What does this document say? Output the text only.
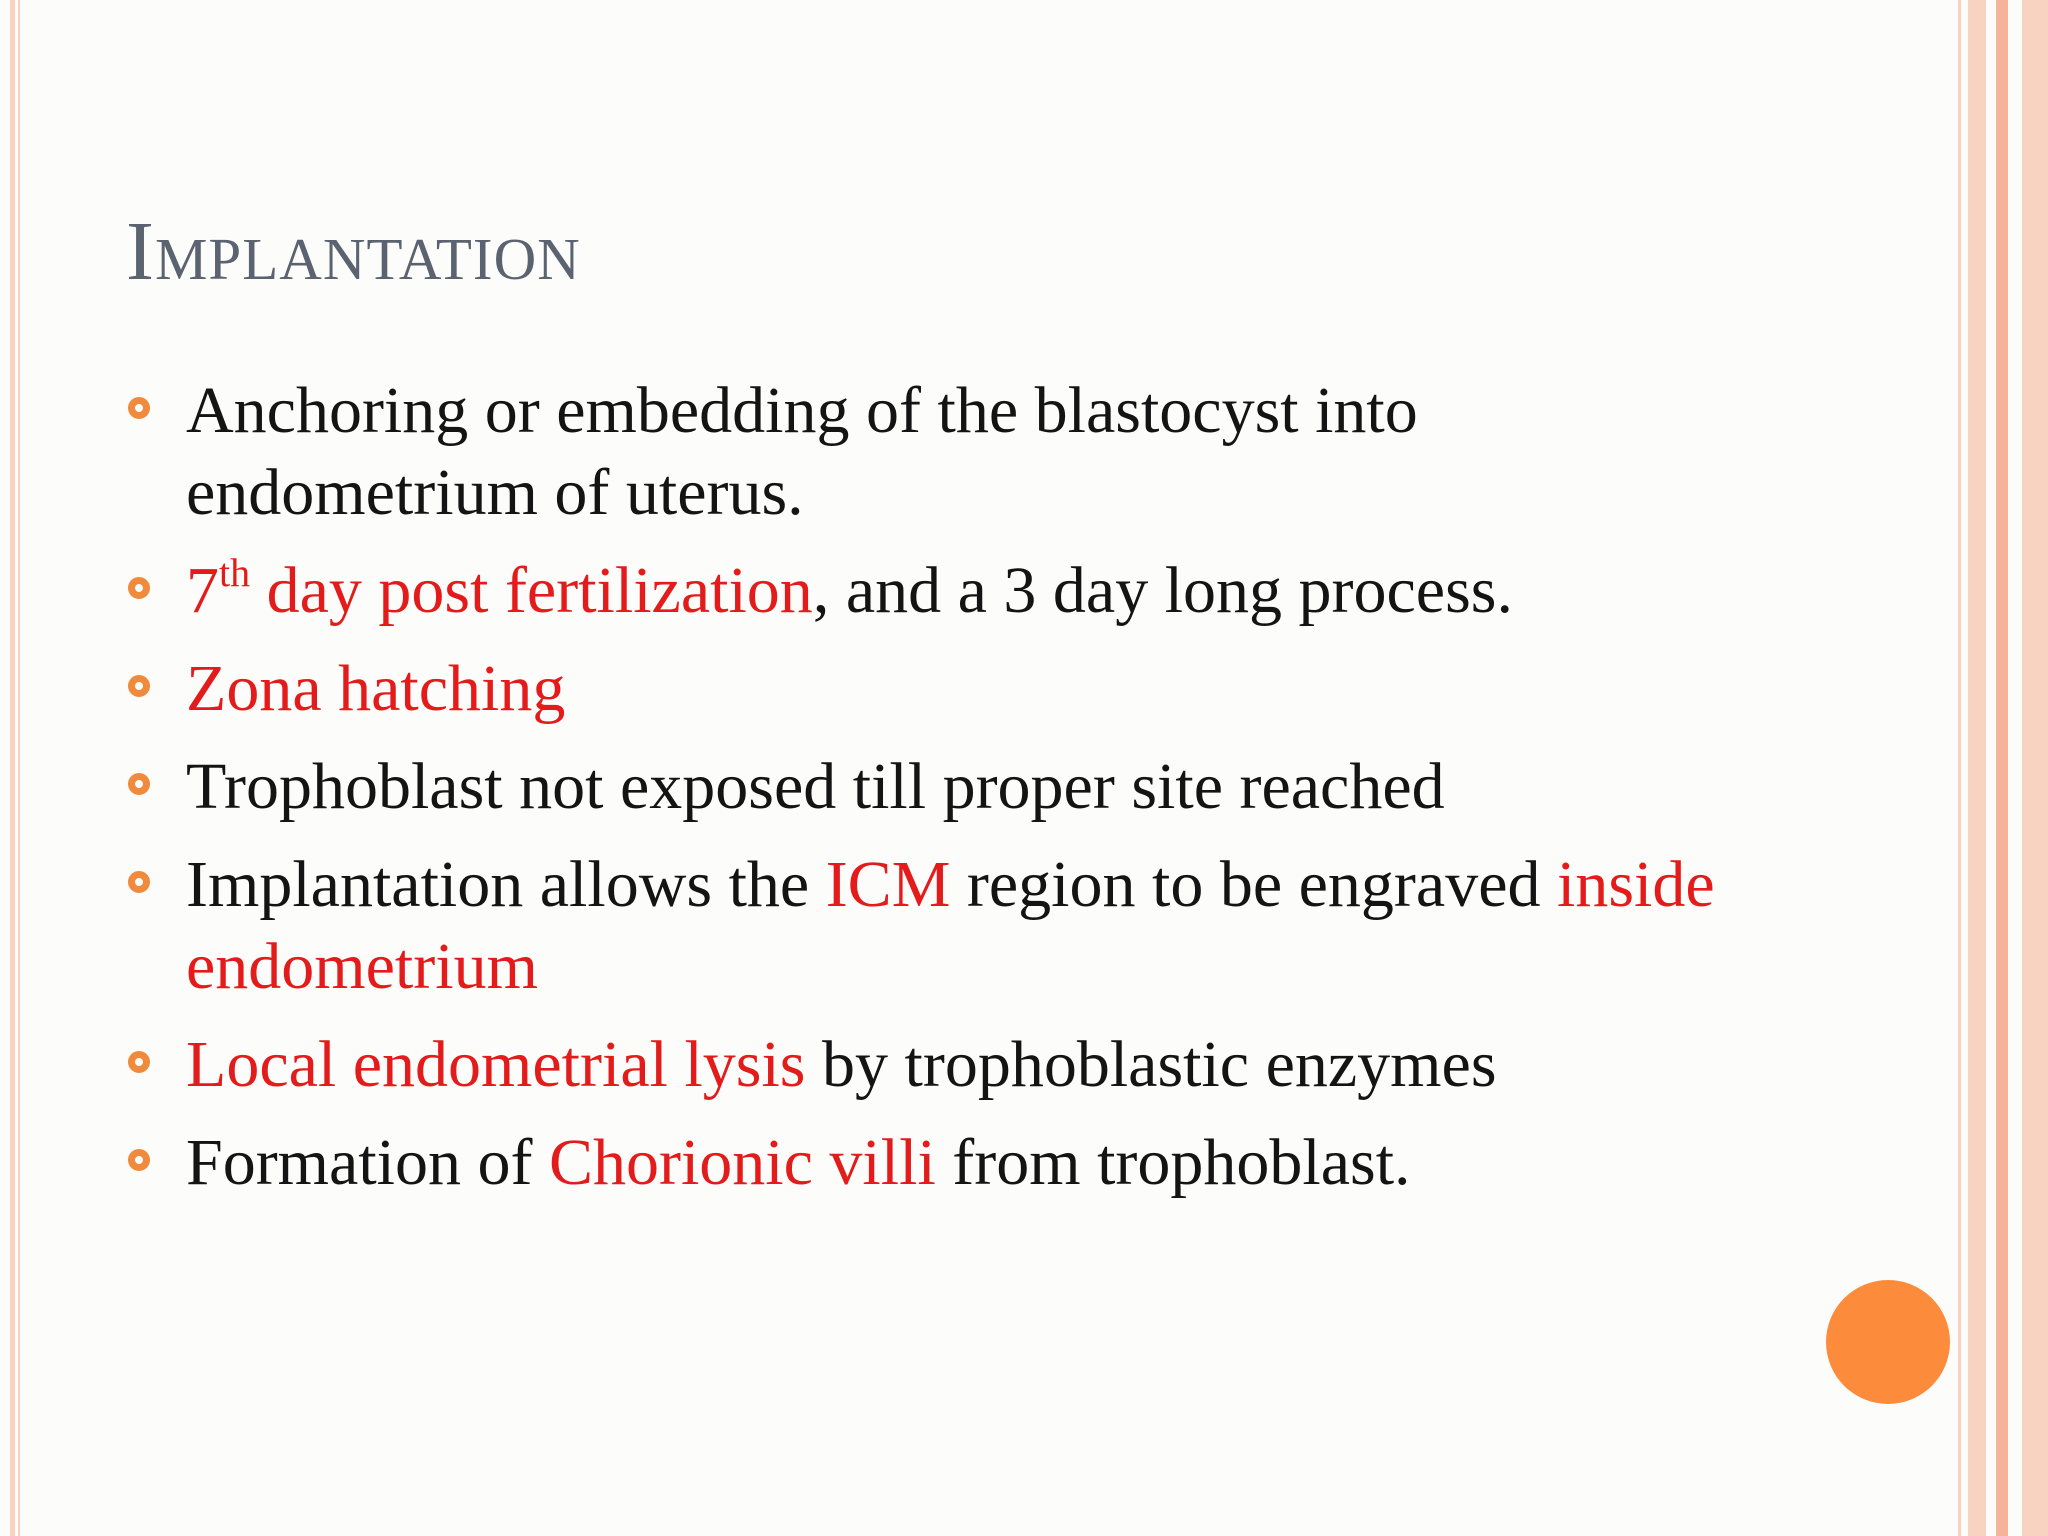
Implantation
Anchoring or embedding of the blastocyst into endometrium of uterus.
7th day post fertilization, and a 3 day long process.
Zona hatching
Trophoblast not exposed till proper site reached
Implantation allows the ICM region to be engraved inside endometrium
Local endometrial lysis by trophoblastic enzymes
Formation of Chorionic villi from trophoblast.
